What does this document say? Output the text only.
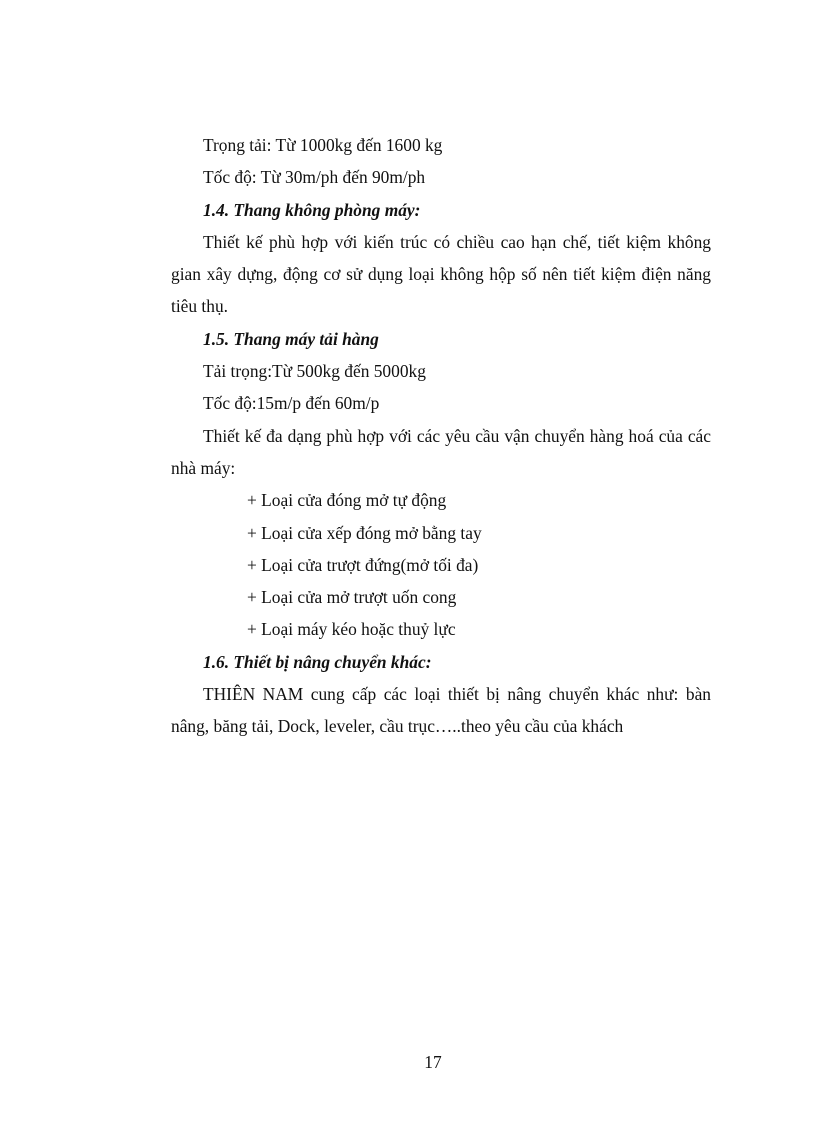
Trọng tải: Từ 1000kg đến 1600 kg
Tốc độ: Từ 30m/ph đến 90m/ph
1.4. Thang không phòng máy:

Thiết kế phù hợp với kiến trúc có chiều cao hạn chế, tiết kiệm không gian xây dựng, động cơ sử dụng loại không hộp số nên tiết kiệm điện năng tiêu thụ.

1.5. Thang máy tải hàng
Tải trọng:Từ 500kg đến 5000kg
Tốc độ:15m/p đến 60m/p

Thiết kế đa dạng phù hợp với các yêu cầu vận chuyển hàng hoá của các nhà máy:

+ Loại cửa đóng mở tự động
+ Loại cửa xếp đóng mở bằng tay
+ Loại cửa trượt đứng(mở tối đa)
+ Loại cửa mở trượt uốn cong
+ Loại máy kéo hoặc thuỷ lực
1.6. Thiết bị nâng chuyển khác:

THIÊN NAM cung cấp các loại thiết bị nâng chuyển khác như: bàn nâng, băng tải, Dock, leveler, cầu trục…..theo yêu cầu của khách

17
